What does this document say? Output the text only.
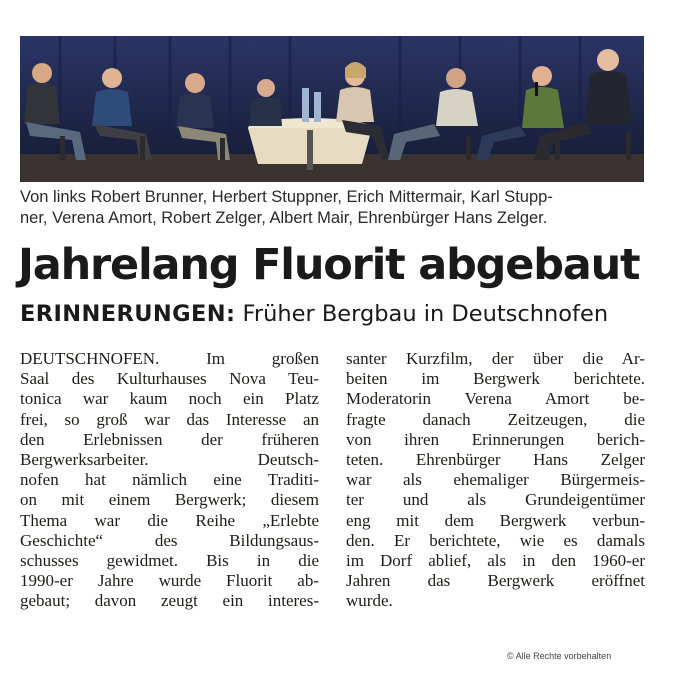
Von links Robert Brunner, Herbert Stuppner, Erich Mittermair, Karl Stupp-
ner, Verena Amort, Robert Zelger, Albert Mair, Ehrenbürger Hans Zelger.
Jahrelang Fluorit abgebaut
ERINNERUNGEN: Früher Bergbau in Deutschnofen
DEUTSCHNOFEN. Im großen
Saal des Kulturhauses Nova Teu-
tonica war kaum noch ein Platz
frei, so groß war das Interesse an
den Erlebnissen der früheren
Bergwerksarbeiter. Deutsch-
nofen hat nämlich eine Traditi-
on mit einem Bergwerk; diesem
Thema war die Reihe „Erlebte
Geschichte“ des Bildungsaus-
schusses gewidmet. Bis in die
1990-er Jahre wurde Fluorit ab-
gebaut; davon zeugt ein interes-
santer Kurzfilm, der über die Ar-
beiten im Bergwerk berichtete.
Moderatorin Verena Amort be-
fragte danach Zeitzeugen, die
von ihren Erinnerungen berich-
teten. Ehrenbürger Hans Zelger
war als ehemaliger Bürgermeis-
ter und als Grundeigentümer
eng mit dem Bergwerk verbun-
den. Er berichtete, wie es damals
im Dorf ablief, als in den 1960-er
Jahren das Bergwerk eröffnet
wurde.
© Alle Rechte vorbehalten
